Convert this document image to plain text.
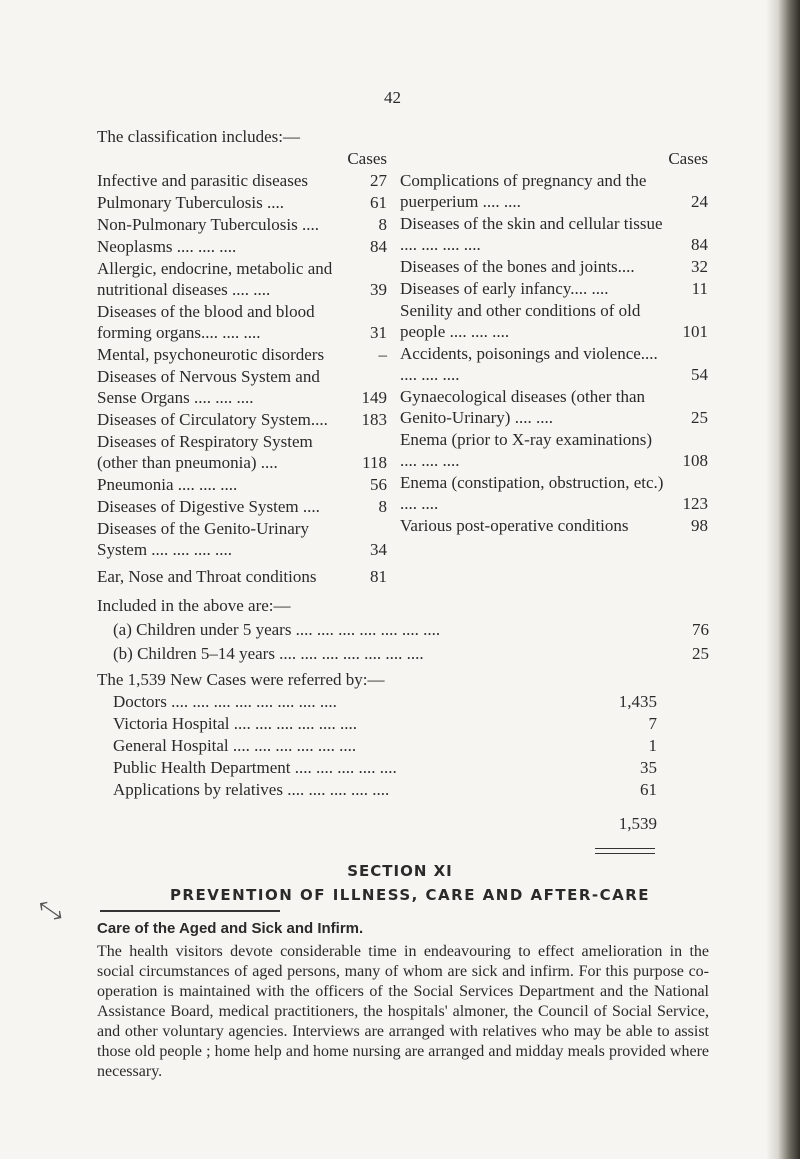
42
The classification includes:—
Cases
Infective and parasitic diseases	27
Pulmonary Tuberculosis ....	61
Non-Pulmonary Tuberculosis ....	8
Neoplasms .... .... ....	84
Allergic, endocrine, metabolic and nutritional diseases .... ....	39
Diseases of the blood and blood forming organs.... .... ....	31
Mental, psychoneurotic disorders	–
Diseases of Nervous System and Sense Organs .... .... ....	149
Diseases of Circulatory System....	183
Diseases of Respiratory System (other than pneumonia) ....	118
Pneumonia .... .... ....	56
Diseases of Digestive System ....	8
Diseases of the Genito-Urinary System .... .... .... ....	34
Ear, Nose and Throat conditions	81
Cases
Complications of pregnancy and the puerperium .... ....	24
Diseases of the skin and cellular tissue .... .... .... ....	84
Diseases of the bones and joints....	32
Diseases of early infancy.... ....	11
Senility and other conditions of old people .... .... ....	101
Accidents, poisonings and violence.... .... .... ....	54
Gynaecological diseases (other than Genito-Urinary) .... ....	25
Enema (prior to X-ray examinations) .... .... ....	108
Enema (constipation, obstruction, etc.) .... ....	123
Various post-operative conditions	98
Included in the above are:—
(a) Children under 5 years .... .... .... .... .... .... ....	76
(b) Children 5–14 years .... .... .... .... .... .... ....	25
The 1,539 New Cases were referred by:—
Doctors .... .... .... .... .... .... .... ....	1,435
Victoria Hospital .... .... .... .... .... ....	7
General Hospital .... .... .... .... .... ....	1
Public Health Department .... .... .... .... ....	35
Applications by relatives .... .... .... .... ....	61
1,539
SECTION XI
PREVENTION OF ILLNESS, CARE AND AFTER-CARE
⤡
Care of the Aged and Sick and Infirm.
The health visitors devote considerable time in endeavouring to effect amelioration in the social circumstances of aged persons, many of whom are sick and infirm. For this purpose co-operation is maintained with the officers of the Social Services Department and the National Assistance Board, medical practitioners, the hospitals' almoner, the Council of Social Service, and other voluntary agencies. Interviews are arranged with relatives who may be able to assist those old people ; home help and home nursing are arranged and midday meals provided where necessary.
